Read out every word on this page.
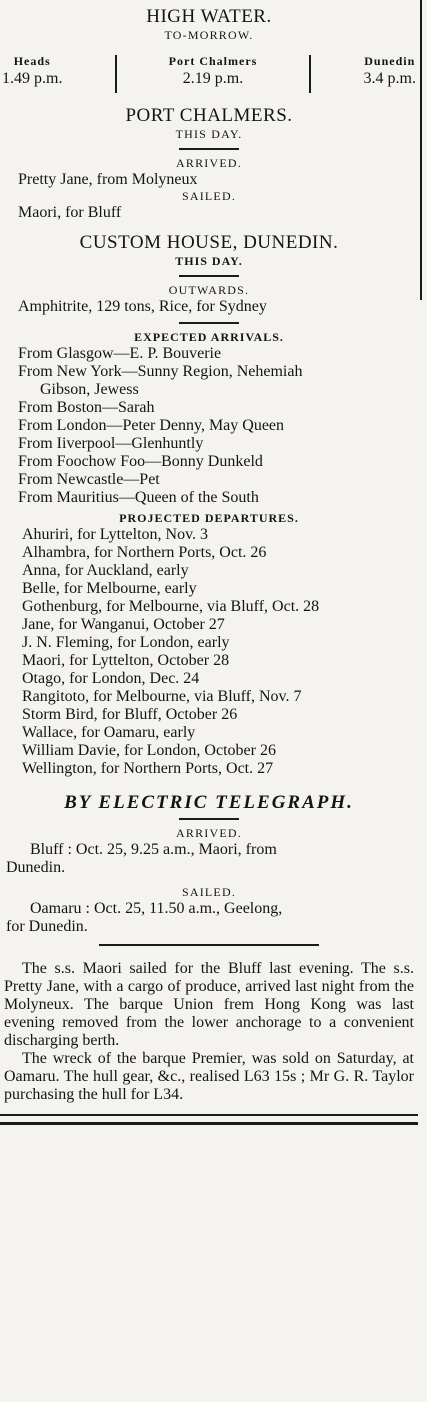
HIGH WATER.
TO-MORROW.
Heads
1.49 p.m.
Port Chalmers
2.19 p.m.
Dunedin
3.4 p.m.
PORT CHALMERS.
THIS DAY.
ARRIVED.
Pretty Jane, from Molyneux
SAILED.
Maori, for Bluff
CUSTOM HOUSE, DUNEDIN.
THIS DAY.
OUTWARDS.
Amphitrite, 129 tons, Rice, for Sydney
EXPECTED ARRIVALS.
From Glasgow—E. P. Bouverie
From New York—Sunny Region, Nehemiah
Gibson, Jewess
From Boston—Sarah
From London—Peter Denny, May Queen
From Iiverpool—Glenhuntly
From Foochow Foo—Bonny Dunkeld
From Newcastle—Pet
From Mauritius—Queen of the South
PROJECTED DEPARTURES.
Ahuriri, for Lyttelton, Nov. 3
Alhambra, for Northern Ports, Oct. 26
Anna, for Auckland, early
Belle, for Melbourne, early
Gothenburg, for Melbourne, via Bluff, Oct. 28
Jane, for Wanganui, October 27
J. N. Fleming, for London, early
Maori, for Lyttelton, October 28
Otago, for London, Dec. 24
Rangitoto, for Melbourne, via Bluff, Nov. 7
Storm Bird, for Bluff, October 26
Wallace, for Oamaru, early
William Davie, for London, October 26
Wellington, for Northern Ports, Oct. 27
BY ELECTRIC TELEGRAPH.
ARRIVED.
Bluff : Oct. 25, 9.25 a.m., Maori, from
Dunedin.
SAILED.
Oamaru : Oct. 25, 11.50 a.m., Geelong,
for Dunedin.
The s.s. Maori sailed for the Bluff last evening. The s.s. Pretty Jane, with a cargo of produce, arrived last night from the Molyneux. The barque Union frem Hong Kong was last evening removed from the lower anchorage to a convenient discharging berth.
The wreck of the barque Premier, was sold on Saturday, at Oamaru. The hull gear, &c., realised L63 15s ; Mr G. R. Taylor purchasing the hull for L34.
